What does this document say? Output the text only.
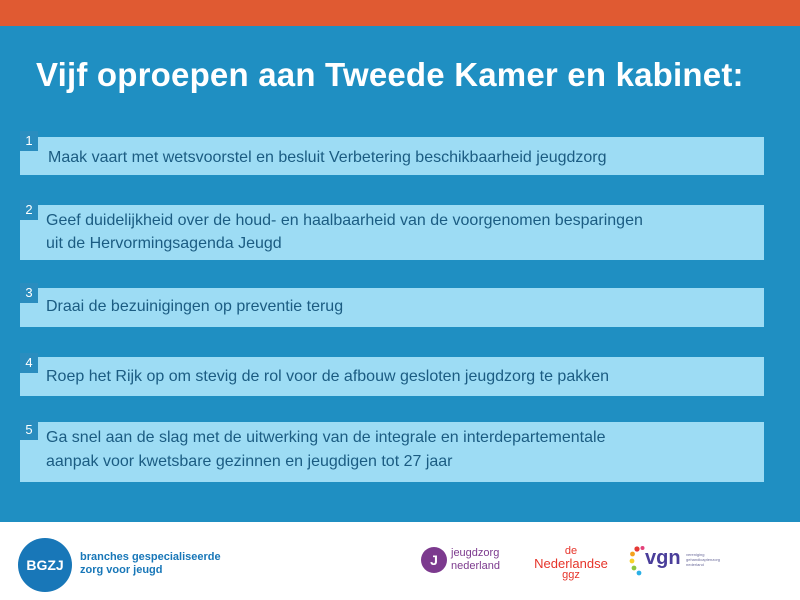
Vijf oproepen aan Tweede Kamer en kabinet:
1
Maak vaart met wetsvoorstel en besluit Verbetering beschikbaarheid jeugdzorg
2
Geef duidelijkheid over de houd- en haalbaarheid van de voorgenomen besparingen
uit de Hervormingsagenda Jeugd
3
Draai de bezuinigingen op preventie terug
4
Roep het Rijk op om stevig de rol voor de afbouw gesloten jeugdzorg te pakken
5 Ga snel aan de slag met de uitwerking van de integrale en interdepartementale
aanpak voor kwetsbare gezinnen en jeugdigen tot 27 jaar
BGZJ	branches gespecialiseerde
zorg voor jeugd
J	jeugdzorg
nederland
de
Nederlandse
ggz
vgn vereniging gehandicaptenzorg nederland
